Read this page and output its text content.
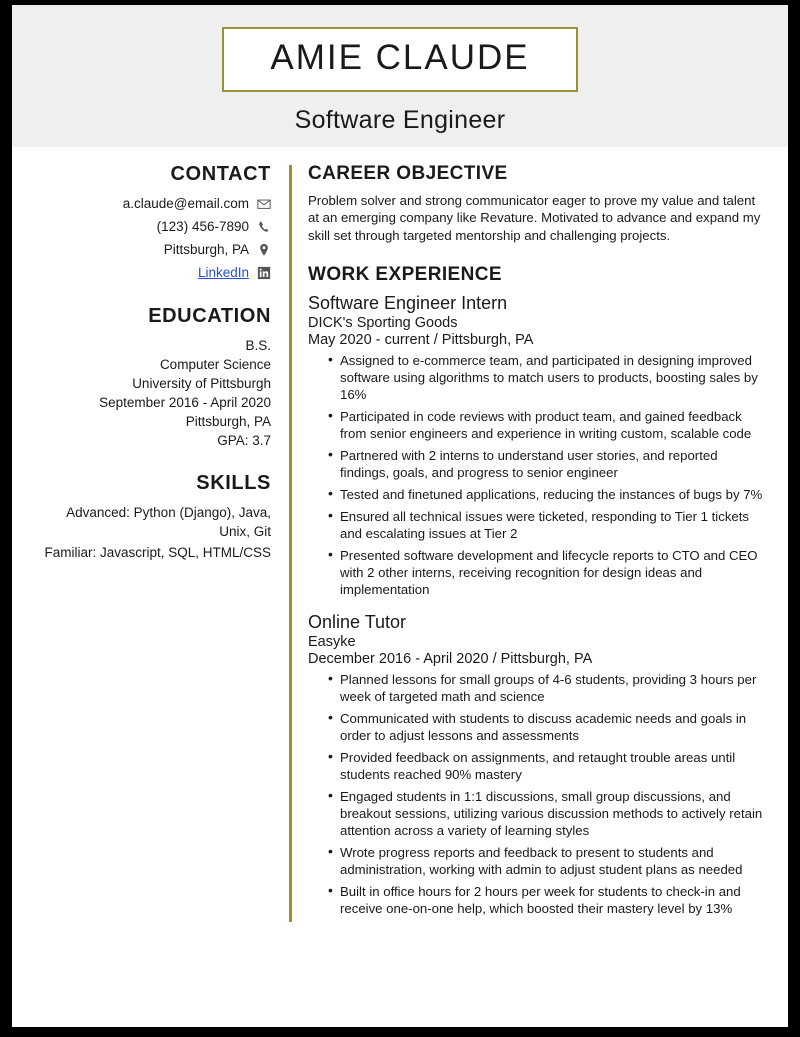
AMIE CLAUDE
Software Engineer
CONTACT
a.claude@email.com
(123) 456-7890
Pittsburgh, PA
LinkedIn
EDUCATION
B.S.
Computer Science
University of Pittsburgh
September 2016 - April 2020
Pittsburgh, PA
GPA: 3.7
SKILLS
Advanced: Python (Django), Java, Unix, Git
Familiar: Javascript, SQL, HTML/CSS
CAREER OBJECTIVE

Problem solver and strong communicator eager to prove my value and talent at an emerging company like Revature. Motivated to advance and expand my skill set through targeted mentorship and challenging projects.

WORK EXPERIENCE
Software Engineer Intern
DICK's Sporting Goods
May 2020 - current / Pittsburgh, PA
• Assigned to e-commerce team, and participated in designing improved software using algorithms to match users to products, boosting sales by 16%
• Participated in code reviews with product team, and gained feedback from senior engineers and experience in writing custom, scalable code
• Partnered with 2 interns to understand user stories, and reported findings, goals, and progress to senior engineer
• Tested and finetuned applications, reducing the instances of bugs by 7%
• Ensured all technical issues were ticketed, responding to Tier 1 tickets and escalating issues at Tier 2
• Presented software development and lifecycle reports to CTO and CEO with 2 other interns, receiving recognition for design ideas and implementation
Online Tutor
Easyke
December 2016 - April 2020 / Pittsburgh, PA
• Planned lessons for small groups of 4-6 students, providing 3 hours per week of targeted math and science
• Communicated with students to discuss academic needs and goals in order to adjust lessons and assessments
• Provided feedback on assignments, and retaught trouble areas until students reached 90% mastery
• Engaged students in 1:1 discussions, small group discussions, and breakout sessions, utilizing various discussion methods to actively retain attention across a variety of learning styles
• Wrote progress reports and feedback to present to students and administration, working with admin to adjust student plans as needed
• Built in office hours for 2 hours per week for students to check-in and receive one-on-one help, which boosted their mastery level by 13%
